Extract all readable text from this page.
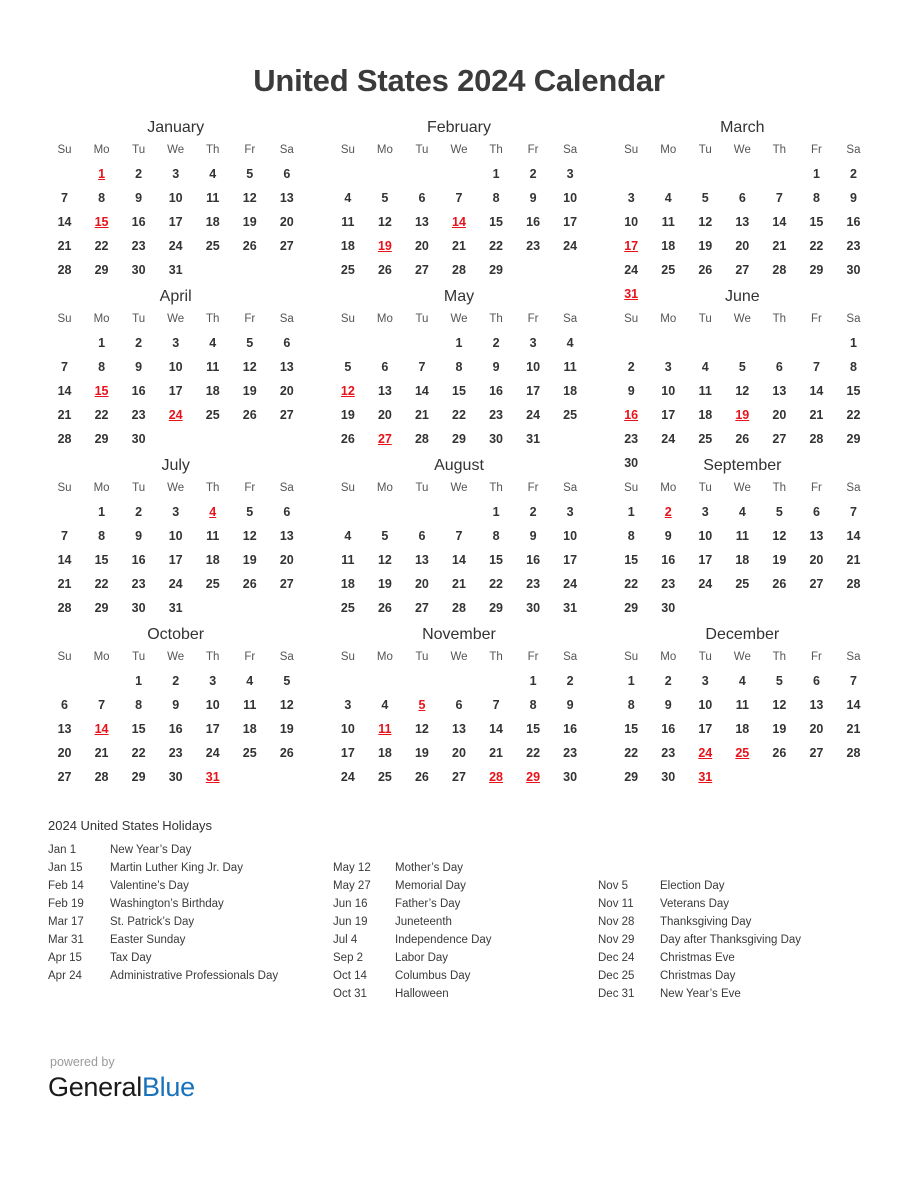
United States 2024 Calendar
January
Su	Mo	Tu	We	Th	Fr	Sa
	1	2	3	4	5	6
7	8	9	10	11	12	13
14	15	16	17	18	19	20
21	22	23	24	25	26	27
28	29	30	31			
February
Su	Mo	Tu	We	Th	Fr	Sa
				1	2	3
4	5	6	7	8	9	10
11	12	13	14	15	16	17
18	19	20	21	22	23	24
25	26	27	28	29		
March
Su	Mo	Tu	We	Th	Fr	Sa
					1	2
3	4	5	6	7	8	9
10	11	12	13	14	15	16
17	18	19	20	21	22	23
24	25	26	27	28	29	30
31						
April
Su	Mo	Tu	We	Th	Fr	Sa
	1	2	3	4	5	6
7	8	9	10	11	12	13
14	15	16	17	18	19	20
21	22	23	24	25	26	27
28	29	30				
May
Su	Mo	Tu	We	Th	Fr	Sa
			1	2	3	4
5	6	7	8	9	10	11
12	13	14	15	16	17	18
19	20	21	22	23	24	25
26	27	28	29	30	31	
June
Su	Mo	Tu	We	Th	Fr	Sa
						1
2	3	4	5	6	7	8
9	10	11	12	13	14	15
16	17	18	19	20	21	22
23	24	25	26	27	28	29
30						
July
Su	Mo	Tu	We	Th	Fr	Sa
	1	2	3	4	5	6
7	8	9	10	11	12	13
14	15	16	17	18	19	20
21	22	23	24	25	26	27
28	29	30	31			
August
Su	Mo	Tu	We	Th	Fr	Sa
				1	2	3
4	5	6	7	8	9	10
11	12	13	14	15	16	17
18	19	20	21	22	23	24
25	26	27	28	29	30	31
September
Su	Mo	Tu	We	Th	Fr	Sa
1	2	3	4	5	6	7
8	9	10	11	12	13	14
15	16	17	18	19	20	21
22	23	24	25	26	27	28
29	30					
October
Su	Mo	Tu	We	Th	Fr	Sa
		1	2	3	4	5
6	7	8	9	10	11	12
13	14	15	16	17	18	19
20	21	22	23	24	25	26
27	28	29	30	31		
November
Su	Mo	Tu	We	Th	Fr	Sa
					1	2
3	4	5	6	7	8	9
10	11	12	13	14	15	16
17	18	19	20	21	22	23
24	25	26	27	28	29	30
December
Su	Mo	Tu	We	Th	Fr	Sa
1	2	3	4	5	6	7
8	9	10	11	12	13	14
15	16	17	18	19	20	21
22	23	24	25	26	27	28
29	30	31				
2024 United States Holidays
Jan 1	New Year’s Day
Jan 15	Martin Luther King Jr. Day
Feb 14	Valentine’s Day
Feb 19	Washington’s Birthday
Mar 17	St. Patrick’s Day
Mar 31	Easter Sunday
Apr 15	Tax Day
Apr 24	Administrative Professionals Day
May 12	Mother’s Day
May 27	Memorial Day
Jun 16	Father’s Day
Jun 19	Juneteenth
Jul 4	Independence Day
Sep 2	Labor Day
Oct 14	Columbus Day
Oct 31	Halloween
Nov 5	Election Day
Nov 11	Veterans Day
Nov 28	Thanksgiving Day
Nov 29	Day after Thanksgiving Day
Dec 24	Christmas Eve
Dec 25	Christmas Day
Dec 31	New Year’s Eve
powered by
GeneralBlue
